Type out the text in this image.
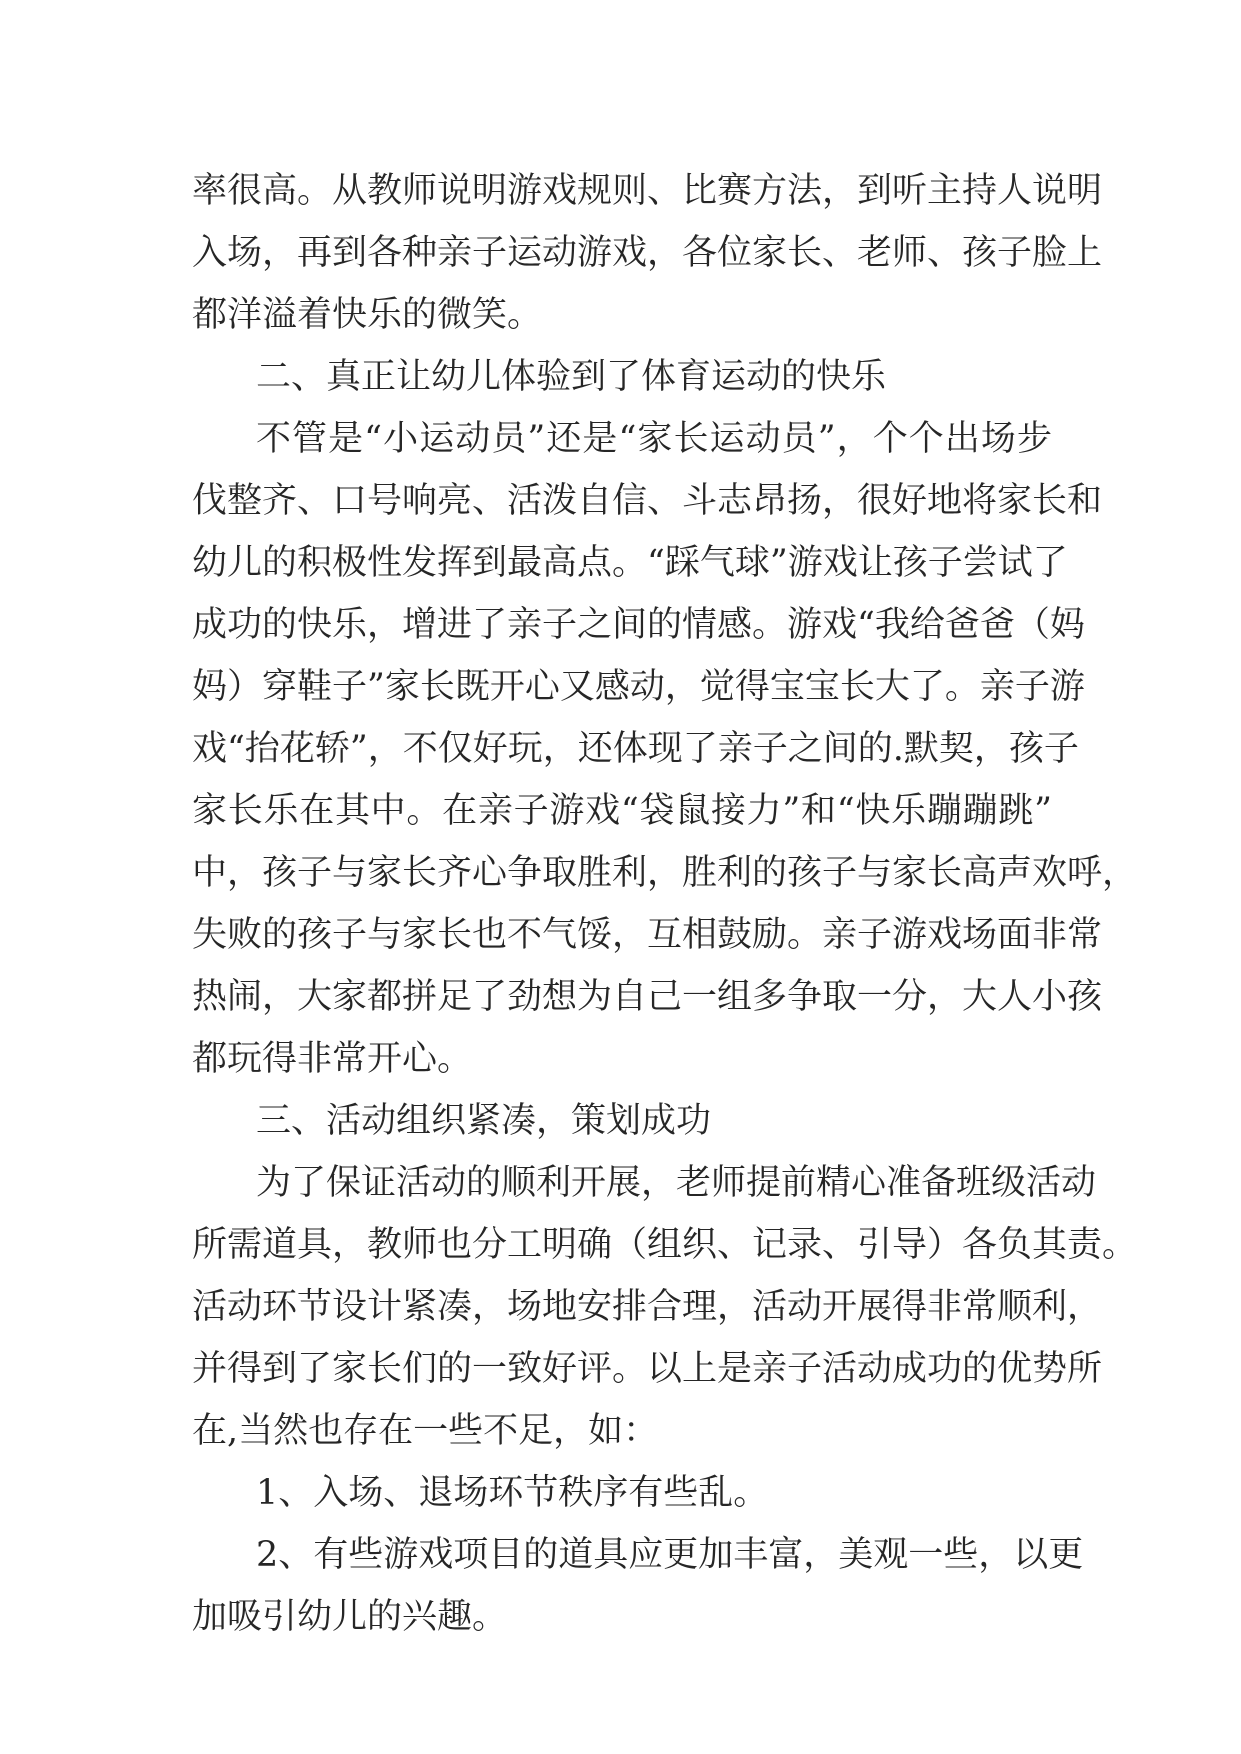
率很高。从教师说明游戏规则、比赛方法，到听主持人说明
入场，再到各种亲子运动游戏，各位家长、老师、孩子脸上
都洋溢着快乐的微笑。
二、真正让幼儿体验到了体育运动的快乐
不管是“小运动员”还是“家长运动员”，个个出场步
伐整齐、口号响亮、活泼自信、斗志昂扬，很好地将家长和
幼儿的积极性发挥到最高点。“踩气球”游戏让孩子尝试了
成功的快乐，增进了亲子之间的情感。游戏“我给爸爸（妈
妈）穿鞋子”家长既开心又感动，觉得宝宝长大了。亲子游
戏“抬花轿”，不仅好玩，还体现了亲子之间的.默契，孩子
家长乐在其中。在亲子游戏“袋鼠接力”和“快乐蹦蹦跳”
中，孩子与家长齐心争取胜利，胜利的孩子与家长高声欢呼，
失败的孩子与家长也不气馁，互相鼓励。亲子游戏场面非常
热闹，大家都拼足了劲想为自己一组多争取一分，大人小孩
都玩得非常开心。
三、活动组织紧凑，策划成功
为了保证活动的顺利开展，老师提前精心准备班级活动
所需道具，教师也分工明确（组织、记录、引导）各负其责。
活动环节设计紧凑，场地安排合理，活动开展得非常顺利，
并得到了家长们的一致好评。以上是亲子活动成功的优势所
在,当然也存在一些不足，如：
1、入场、退场环节秩序有些乱。
2、有些游戏项目的道具应更加丰富，美观一些，以更
加吸引幼儿的兴趣。
